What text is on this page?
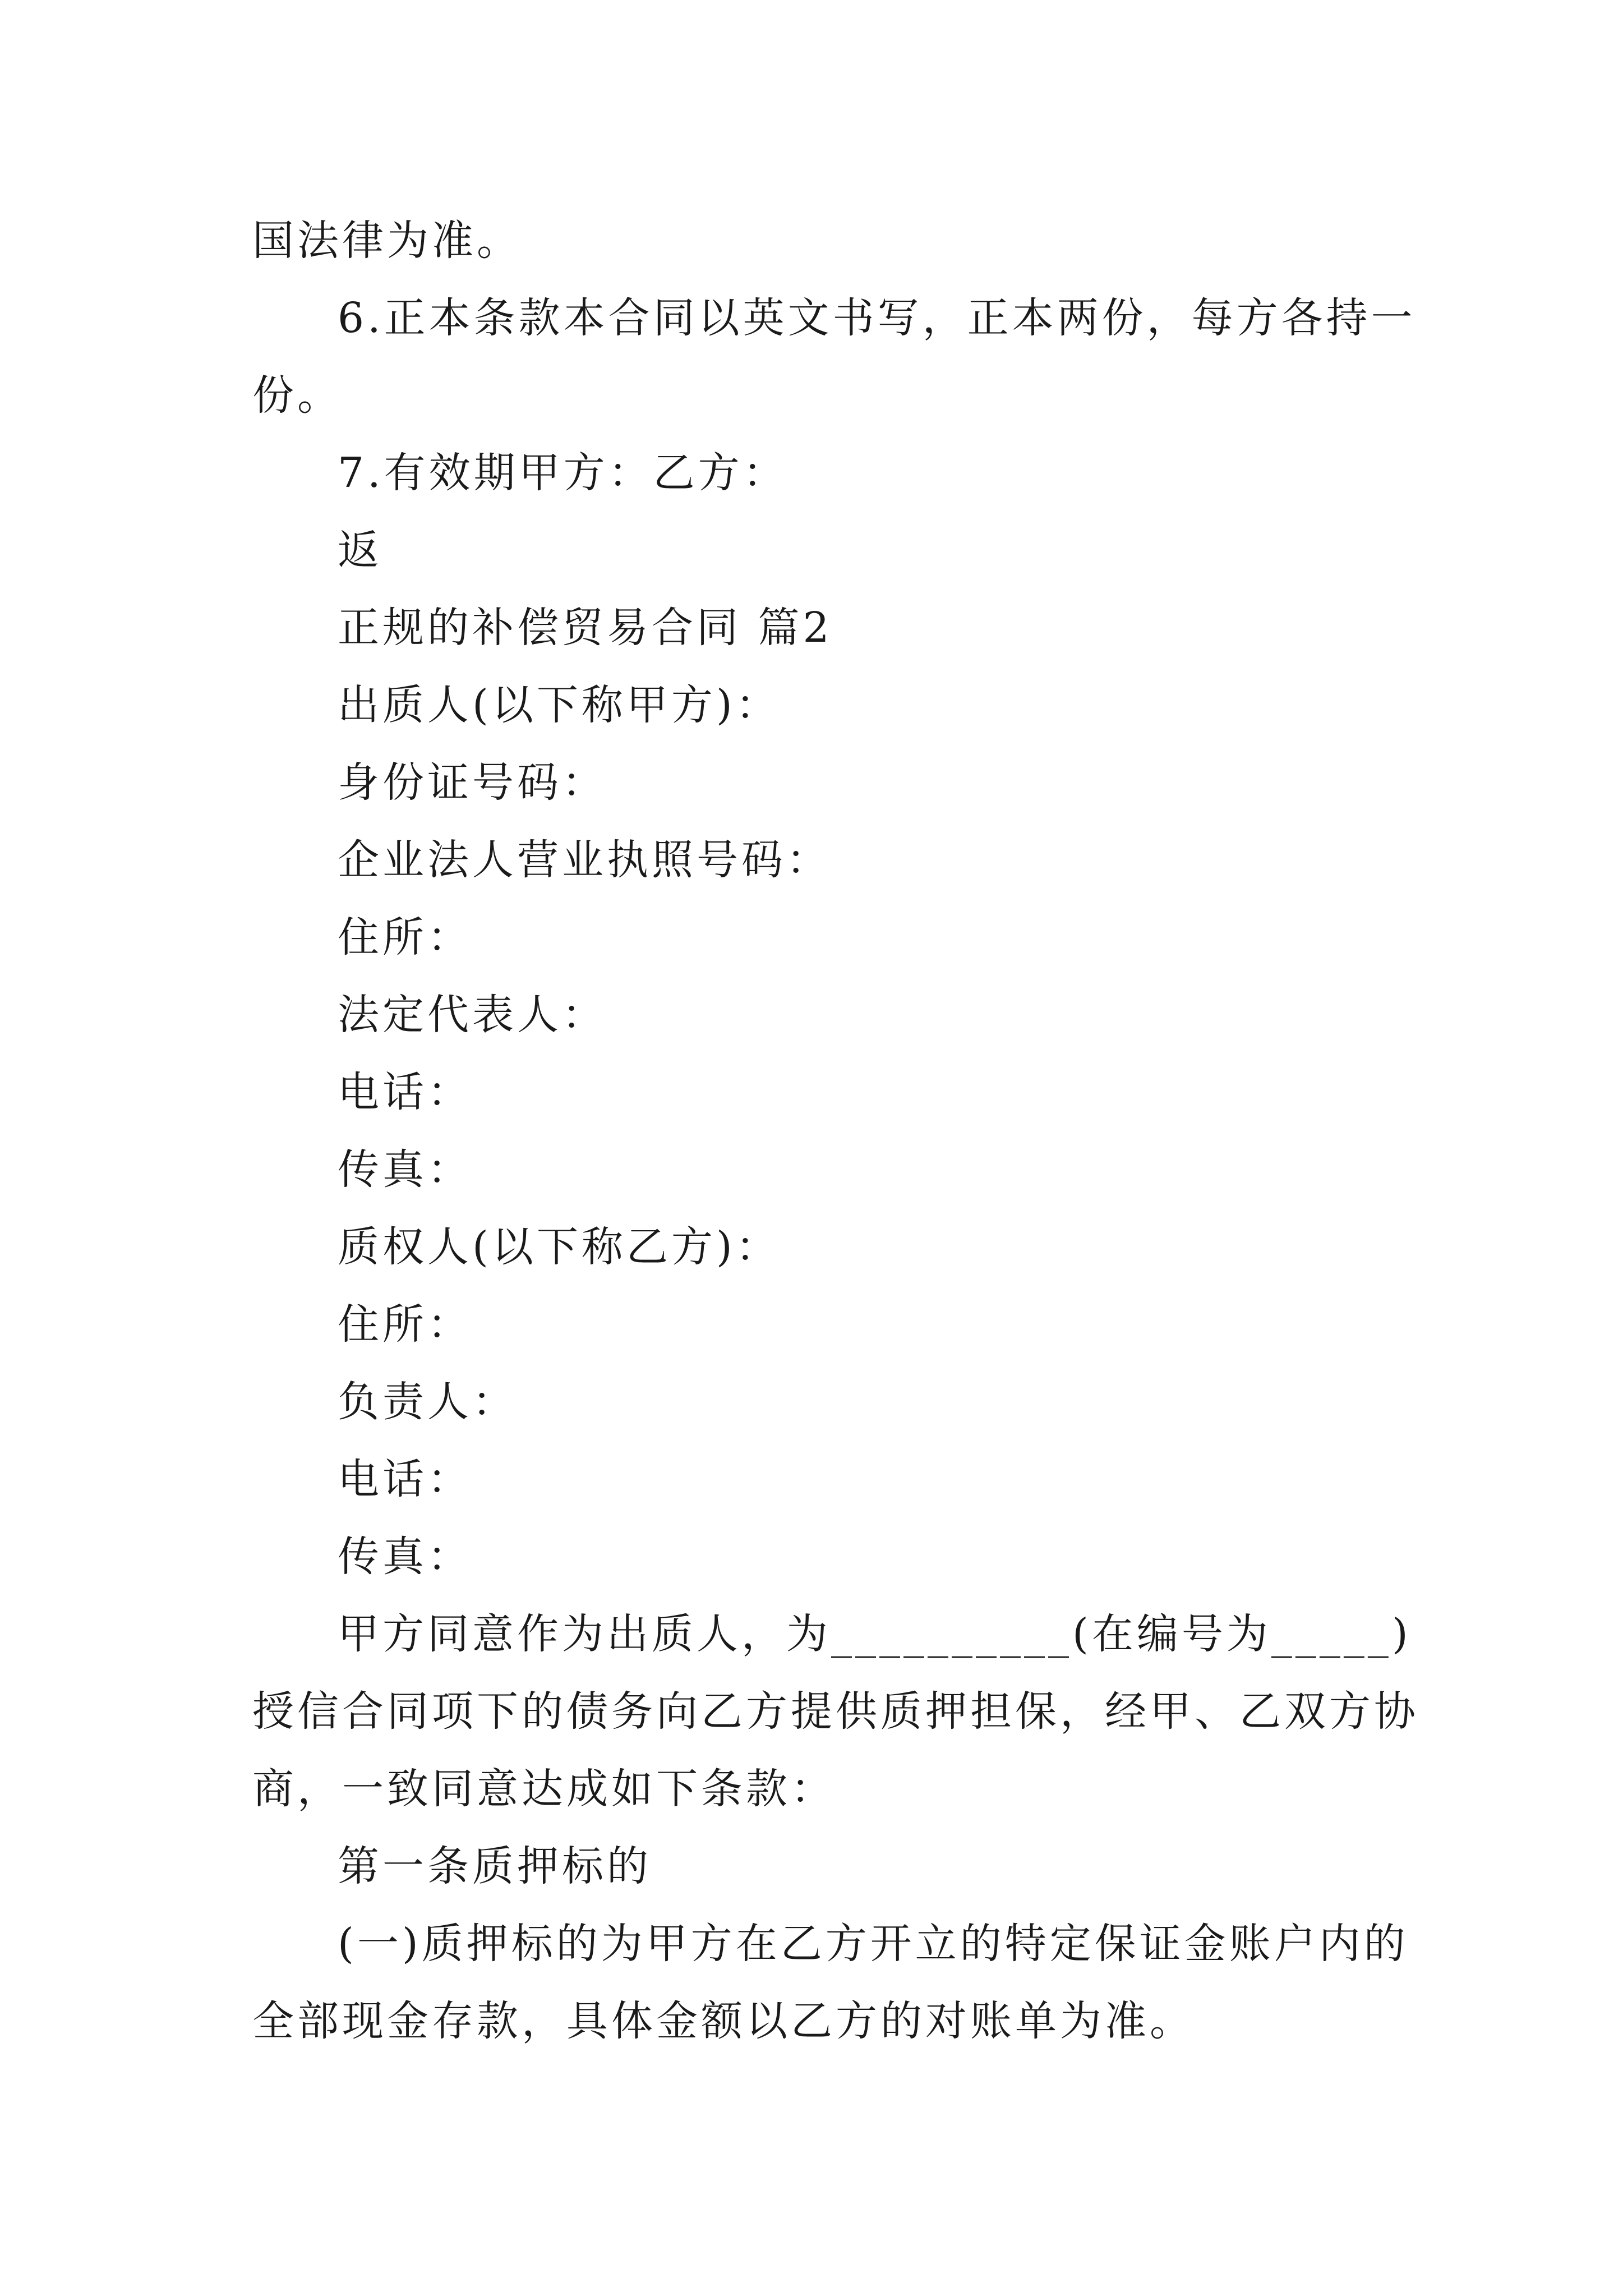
国法律为准。
6.正本条款本合同以英文书写，正本两份，每方各持一
份。
7.有效期甲方：乙方：
返
正规的补偿贸易合同 篇2
出质人(以下称甲方)：
身份证号码：
企业法人营业执照号码：
住所：
法定代表人：
电话：
传真：
质权人(以下称乙方)：
住所：
负责人：
电话：
传真：
甲方同意作为出质人，为__________(在编号为_____)
授信合同项下的债务向乙方提供质押担保，经甲、乙双方协
商，一致同意达成如下条款：
第一条质押标的
(一)质押标的为甲方在乙方开立的特定保证金账户内的
全部现金存款，具体金额以乙方的对账单为准。
